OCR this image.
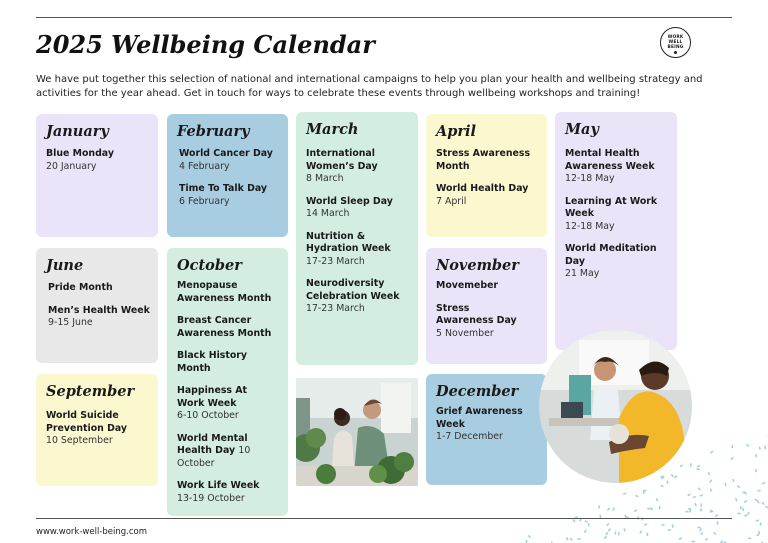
2025 Wellbeing Calendar	WORK
WELL
BEING
We have put together this selection of national and international campaigns to help you plan your health and wellbeing strategy and activities for the year ahead. Get in touch for ways to celebrate these events through wellbeing workshops and training!
January
Blue Monday
20 January
February
World Cancer Day
4 February
Time To Talk Day
6 February
March
International Women’s Day
8 March
World Sleep Day
14 March
Nutrition & Hydration Week
17-23 March
Neurodiversity Celebration Week
17-23 March
April
Stress Awareness Month
World Health Day
7 April
May
Mental Health Awareness Week
12-18 May
Learning At Work Week
12-18 May
World Meditation Day
21 May
June
Pride Month
Men’s Health Week
9-15 June
October
Menopause Awareness Month
Breast Cancer Awareness Month
Black History Month
Happiness At Work Week
6-10 October
World Mental Health Day 10 October
Work Life Week
13-19 October
September
World Suicide Prevention Day
10 September
November
Movemeber
Stress Awareness Day
5 November
December
Grief Awareness Week
1-7 December
www.work-well-being.com
